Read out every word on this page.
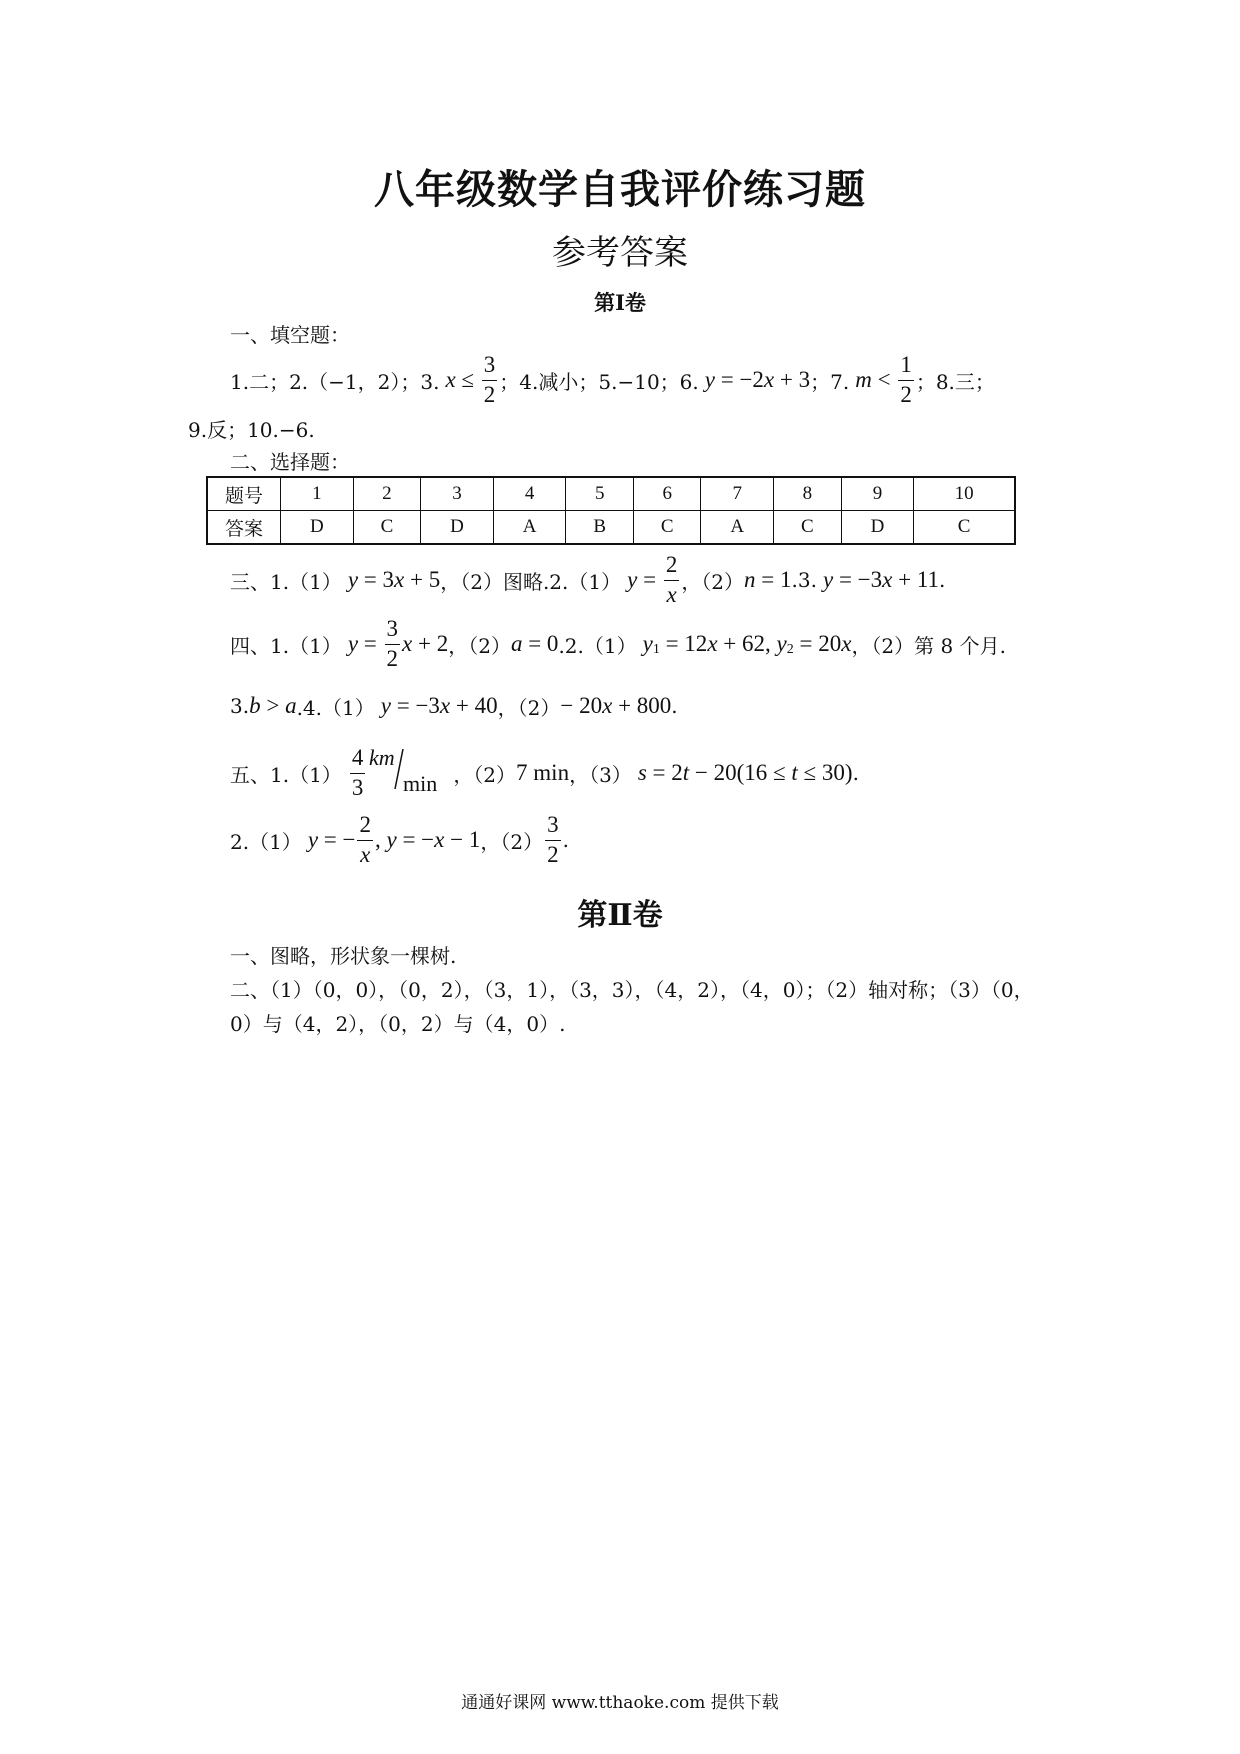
八年级数学自我评价练习题
参考答案
第Ⅰ卷
一、填空题：
1.二；2.（−1，2）；3. $x \le \frac{3}{2}$ ；4.减小；5.−10；6. y = −2 x + 3 ；7. $m < \frac{1}{2}$ ；8.三；
9.反；10.−6.
二、选择题：
题号	1	2	3	4	5	6	7	8	9	10
答案	D	C	D	A	B	C	A	C	D	C
三、1.（1） y = 3 x + 5 ，（2）图略.2.（1） $y = \frac{2}{x}$ ，（2） n = 1 . 3. y = −3 x + 11 .
四、1.（1） $y = \frac{3}{2}$ x + 2 ，（2） a = 0 .2.（1） y 1 = 12 x + 62, y 2 = 20 x ，（2）第 8 个月.
3. b > a .4.（1） y = −3 x + 40 ，（2） − 20 x + 800 .
五、$1.(1) \frac{4}{3}$ km
min ，（2） 7 min ，（3） s = 2 t − 20(16 ≤ t ≤ 30) .
2.（1） y = − $\frac{2}{x}$ , y = − x − 1 ，$(2) \frac{3}{2}$ .
第Ⅱ卷
一、图略，形状象一棵树.
二、（1）（0，0），（0，2），（3，1），（3，3），（4，2），（4，0）；（2）轴对称；（3）（0，
0）与（4，2），（0，2）与（4，0）.
通通好课网 www.tthaoke.com 提供下载
